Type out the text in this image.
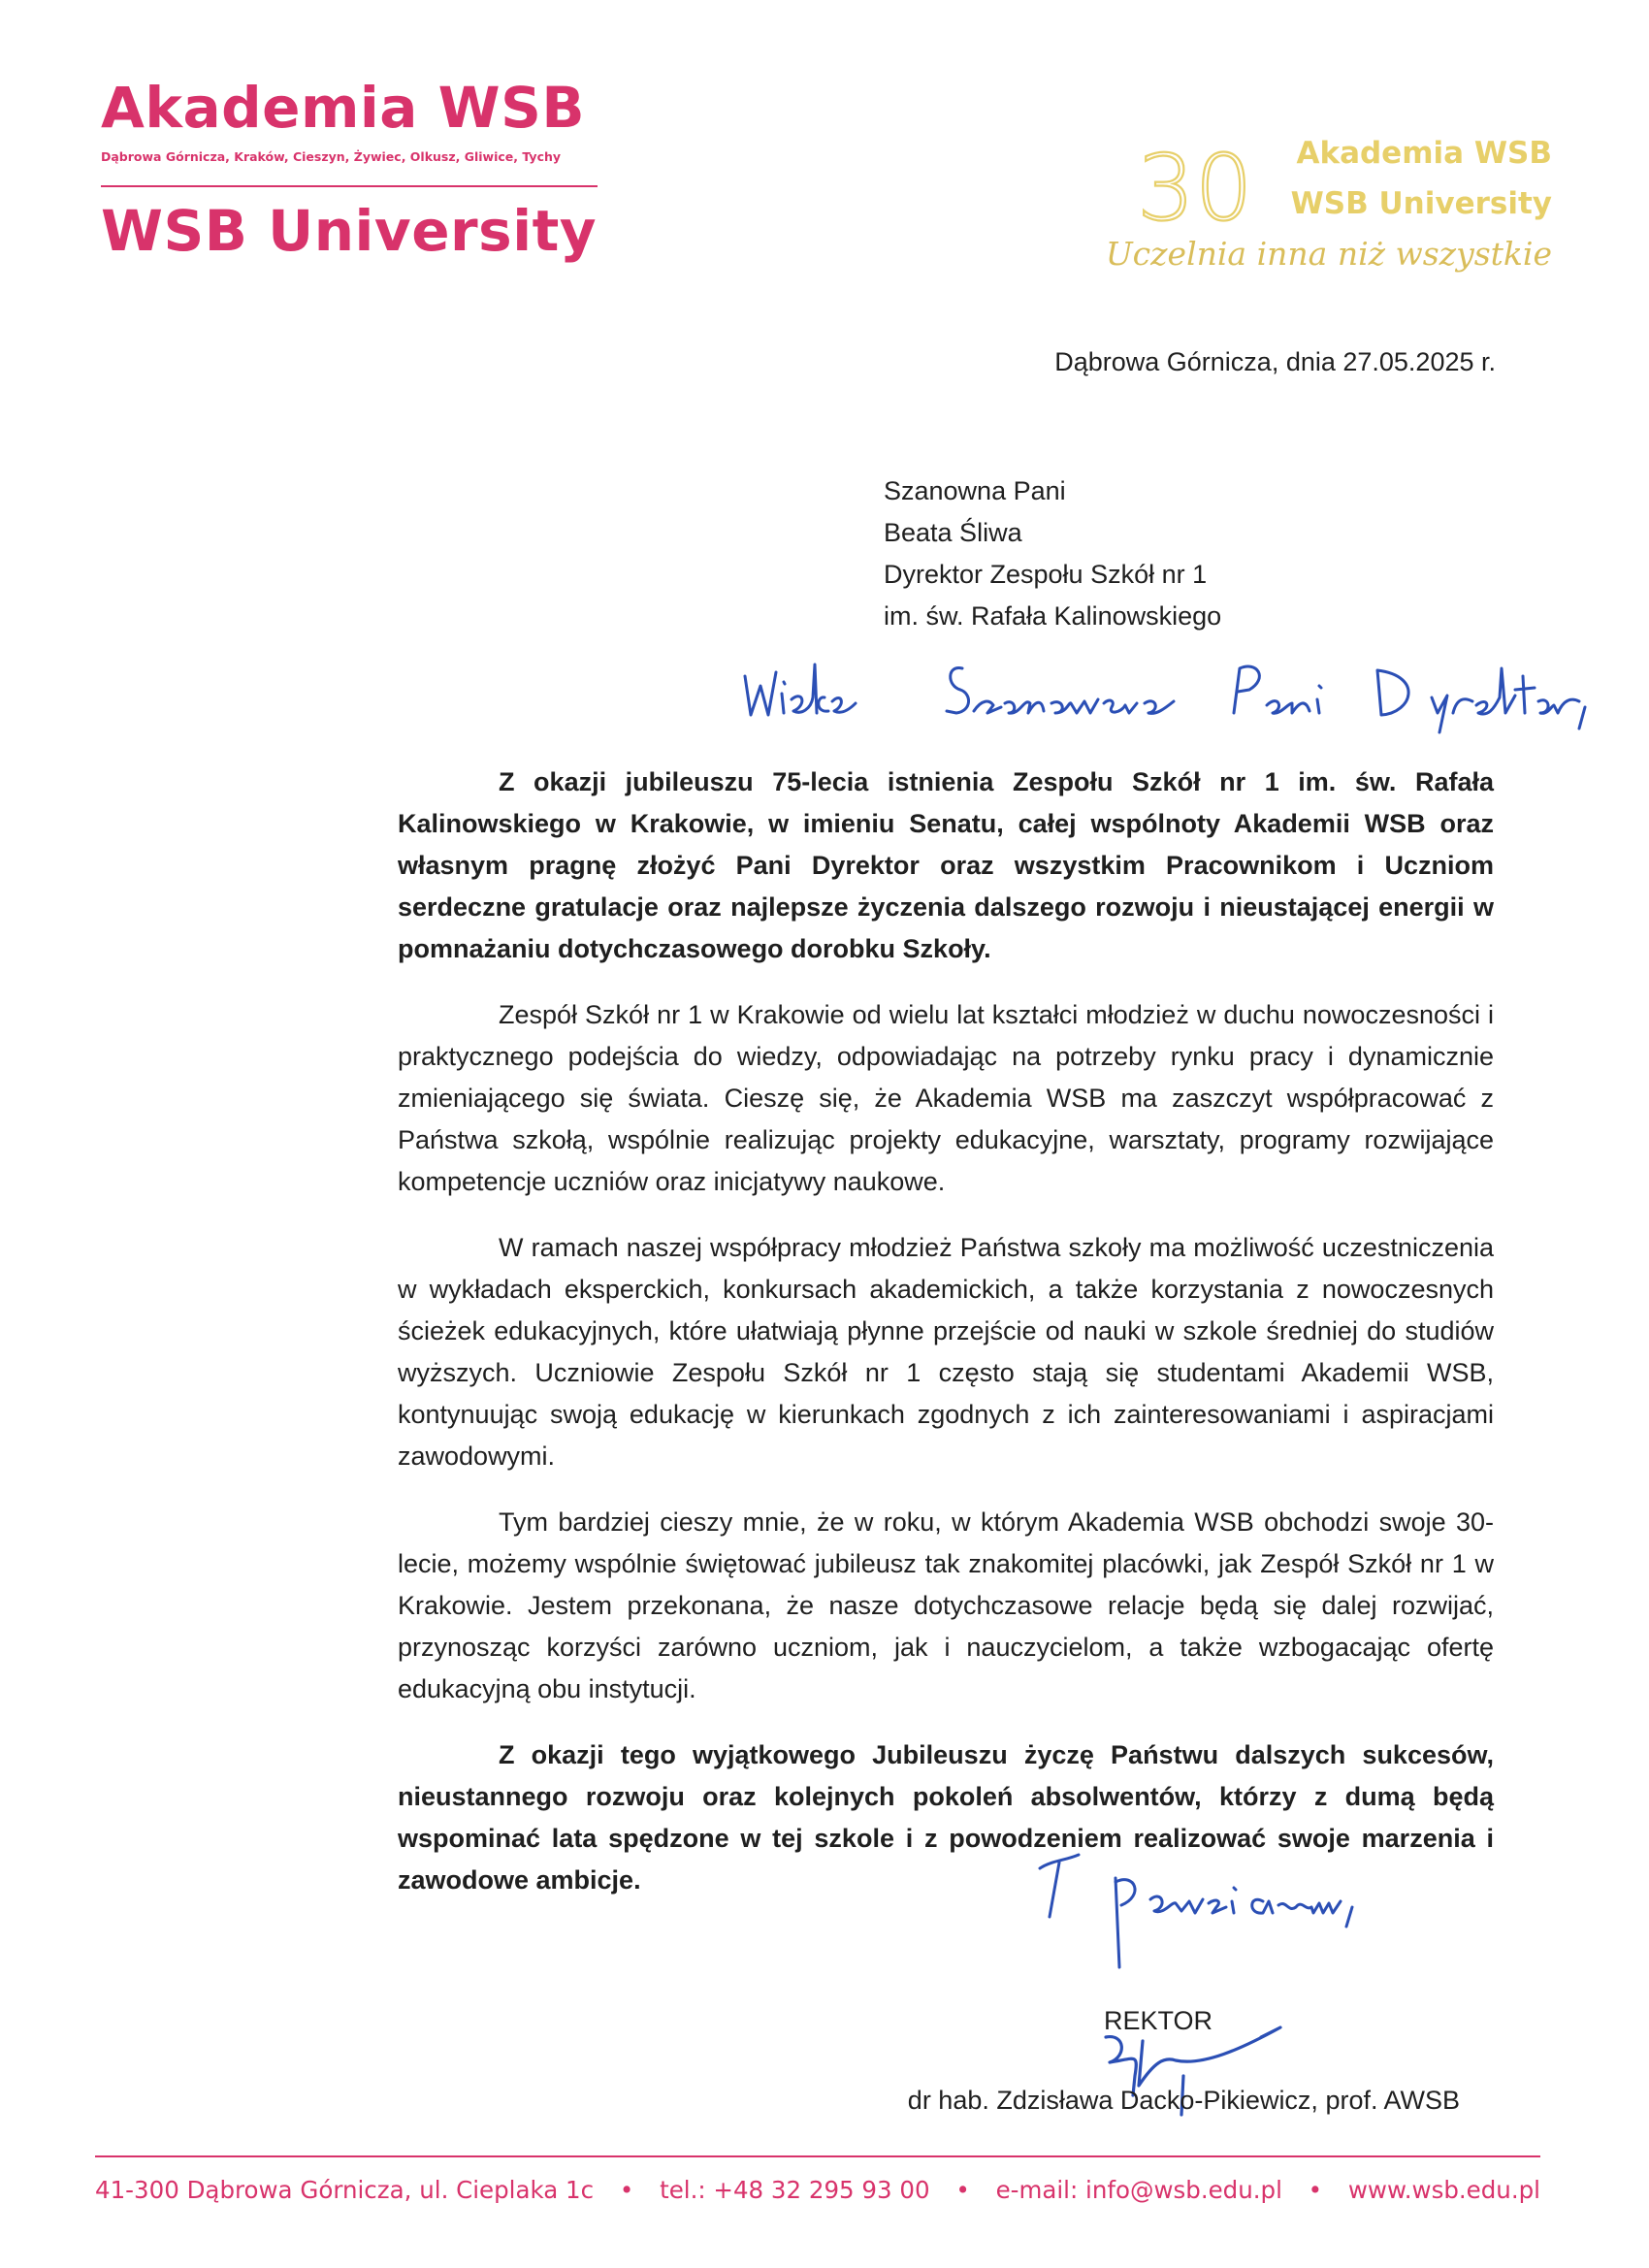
Akademia WSB
Dąbrowa Górnicza, Kraków, Cieszyn, Żywiec, Olkusz, Gliwice, Tychy
WSB University	30 Akademia WSB
WSB University
Uczelnia inna niż wszystkie
Dąbrowa Górnicza, dnia 27.05.2025 r.
Szanowna Pani
Beata Śliwa
Dyrektor Zespołu Szkół nr 1
im. św. Rafała Kalinowskiego

Z okazji jubileuszu 75-lecia istnienia Zespołu Szkół nr 1 im. św. Rafała Kalinowskiego w Krakowie, w imieniu Senatu, całej wspólnoty Akademii WSB oraz własnym pragnę złożyć Pani Dyrektor oraz wszystkim Pracownikom i Uczniom serdeczne gratulacje oraz najlepsze życzenia dalszego rozwoju i nieustającej energii w pomnażaniu dotychczasowego dorobku Szkoły.

Zespół Szkół nr 1 w Krakowie od wielu lat kształci młodzież w duchu nowoczesności i praktycznego podejścia do wiedzy, odpowiadając na potrzeby rynku pracy i dynamicznie zmieniającego się świata. Cieszę się, że Akademia WSB ma zaszczyt współpracować z Państwa szkołą, wspólnie realizując projekty edukacyjne, warsztaty, programy rozwijające kompetencje uczniów oraz inicjatywy naukowe.

W ramach naszej współpracy młodzież Państwa szkoły ma możliwość uczestniczenia w wykładach eksperckich, konkursach akademickich, a także korzystania z nowoczesnych ścieżek edukacyjnych, które ułatwiają płynne przejście od nauki w szkole średniej do studiów wyższych. Uczniowie Zespołu Szkół nr 1 często stają się studentami Akademii WSB, kontynuując swoją edukację w kierunkach zgodnych z ich zainteresowaniami i aspiracjami zawodowymi.

Tym bardziej cieszy mnie, że w roku, w którym Akademia WSB obchodzi swoje 30-lecie, możemy wspólnie świętować jubileusz tak znakomitej placówki, jak Zespół Szkół nr 1 w Krakowie. Jestem przekonana, że nasze dotychczasowe relacje będą się dalej rozwijać, przynosząc korzyści zarówno uczniom, jak i nauczycielom, a także wzbogacając ofertę edukacyjną obu instytucji.

Z okazji tego wyjątkowego Jubileuszu życzę Państwu dalszych sukcesów, nieustannego rozwoju oraz kolejnych pokoleń absolwentów, którzy z dumą będą wspominać lata spędzone w tej szkole i z powodzeniem realizować swoje marzenia i zawodowe ambicje.

REKTOR
dr hab. Zdzisława Dacko-Pikiewicz, prof. AWSB
41-300 Dąbrowa Górnicza, ul. Cieplaka 1c	•	tel.: +48 32 295 93 00	•	e-mail: info@wsb.edu.pl	•	www.wsb.edu.pl
